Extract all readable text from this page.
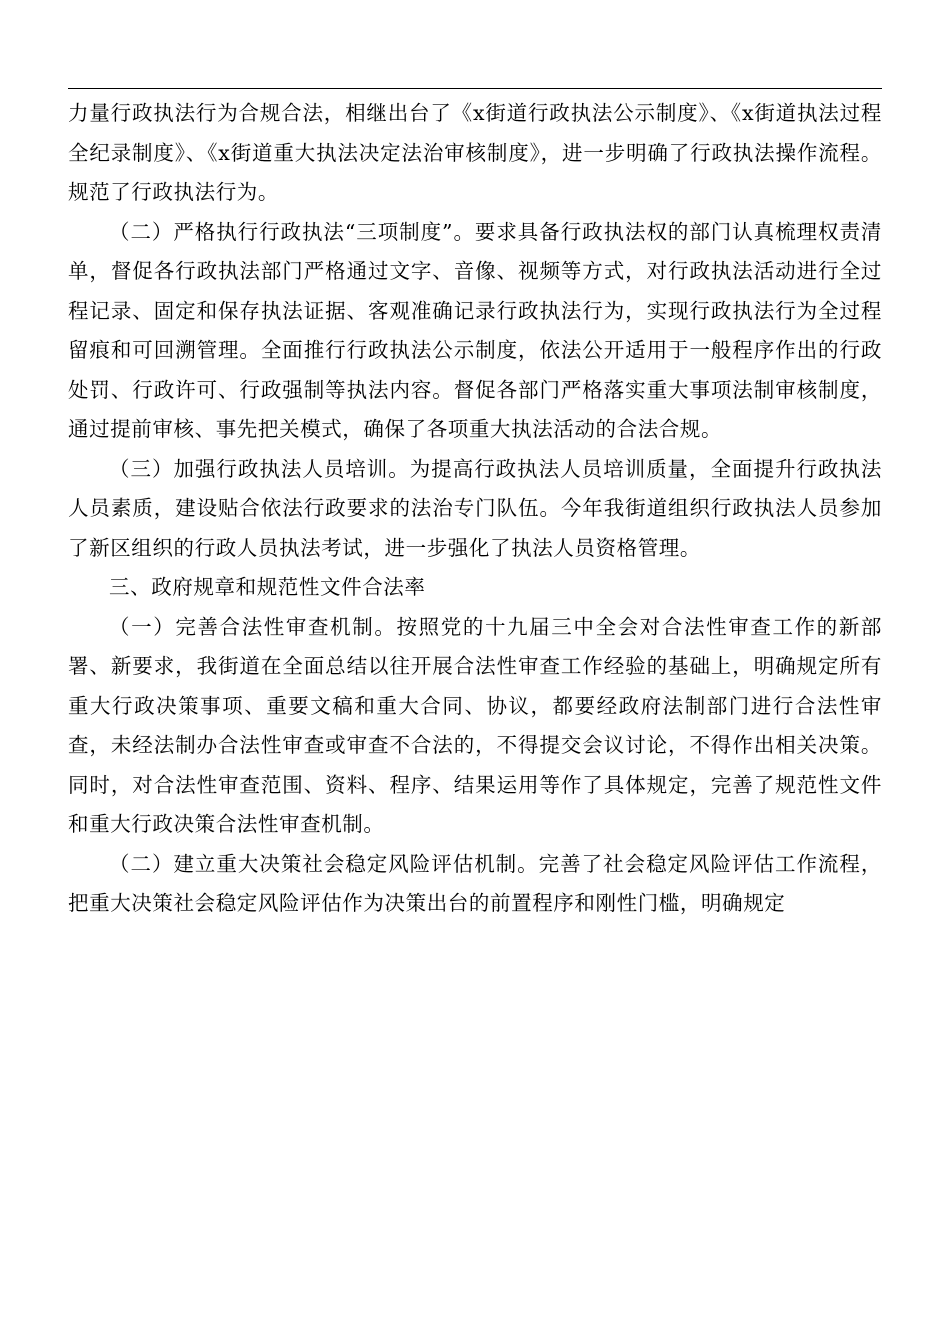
力量行政执法行为合规合法，相继出台了《x街道行政执法公示制度》、《x街道执法过程全纪录制度》、《x街道重大执法决定法治审核制度》，进一步明确了行政执法操作流程。规范了行政执法行为。

（二）严格执行行政执法“三项制度”。要求具备行政执法权的部门认真梳理权责清单，督促各行政执法部门严格通过文字、音像、视频等方式，对行政执法活动进行全过程记录、固定和保存执法证据、客观准确记录行政执法行为，实现行政执法行为全过程留痕和可回溯管理。全面推行行政执法公示制度，依法公开适用于一般程序作出的行政处罚、行政许可、行政强制等执法内容。督促各部门严格落实重大事项法制审核制度，通过提前审核、事先把关模式，确保了各项重大执法活动的合法合规。

（三）加强行政执法人员培训。为提高行政执法人员培训质量，全面提升行政执法人员素质，建设贴合依法行政要求的法治专门队伍。今年我街道组织行政执法人员参加了新区组织的行政人员执法考试，进一步强化了执法人员资格管理。

三、政府规章和规范性文件合法率

（一）完善合法性审查机制。按照党的十九届三中全会对合法性审查工作的新部署、新要求，我街道在全面总结以往开展合法性审查工作经验的基础上，明确规定所有重大行政决策事项、重要文稿和重大合同、协议，都要经政府法制部门进行合法性审查，未经法制办合法性审查或审查不合法的，不得提交会议讨论，不得作出相关决策。同时，对合法性审查范围、资料、程序、结果运用等作了具体规定，完善了规范性文件和重大行政决策合法性审查机制。

（二）建立重大决策社会稳定风险评估机制。完善了社会稳定风险评估工作流程，把重大决策社会稳定风险评估作为决策出台的前置程序和刚性门槛，明确规定
